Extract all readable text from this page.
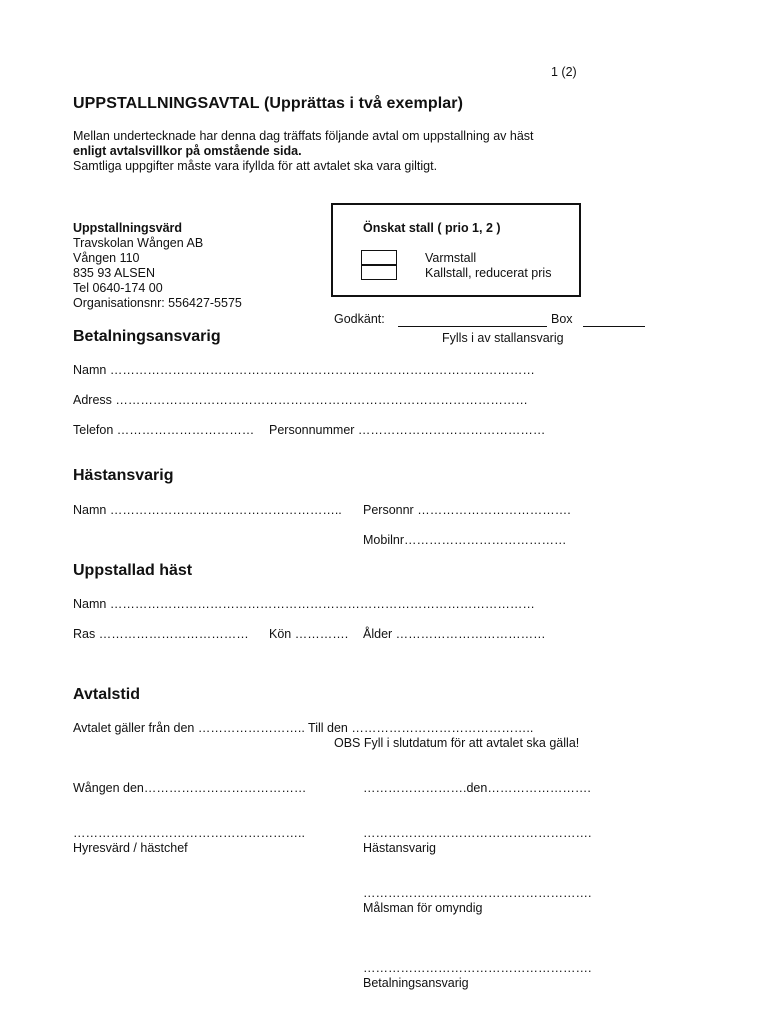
1 (2)
UPPSTALLNINGSAVTAL (Upprättas i två exemplar)
Mellan undertecknade har denna dag träffats följande avtal om uppstallning av häst
enligt avtalsvillkor på omstående sida.
Samtliga uppgifter måste vara ifyllda för att avtalet ska vara giltigt.
Uppstallningsvärd
Travskolan Wången AB
Vången 110
835 93 ALSEN
Tel 0640-174 00
Organisationsnr: 556427-5575
Önskat stall ( prio 1, 2 )
Varmstall
Kallstall, reducerat pris
Godkänt:	Box
Fylls i av stallansvarig
Betalningsansvarig
Namn …………………………………………………………………………………………
Adress ………………………………………………………………………………………
Telefon …………………………… Personnummer ………………………………………
Hästansvarig
Namn ……………………………………………….. Personnr ……………………………….
Mobilnr…………………………………
Uppstallad häst
Namn …………………………………………………………………………………………
Ras ……………………………… Kön …………. Ålder ………………………………
Avtalstid
Avtalet gäller från den …………………….. Till den ……………………………………..
OBS Fyll i slutdatum för att avtalet ska gälla!
Wången den…………………………………	…………………….den…………………….
………………………………………………..	……………………………………………….
Hyresvärd / hästchef	Hästansvarig
……………………………………………….
Målsman för omyndig
……………………………………………….
Betalningsansvarig
